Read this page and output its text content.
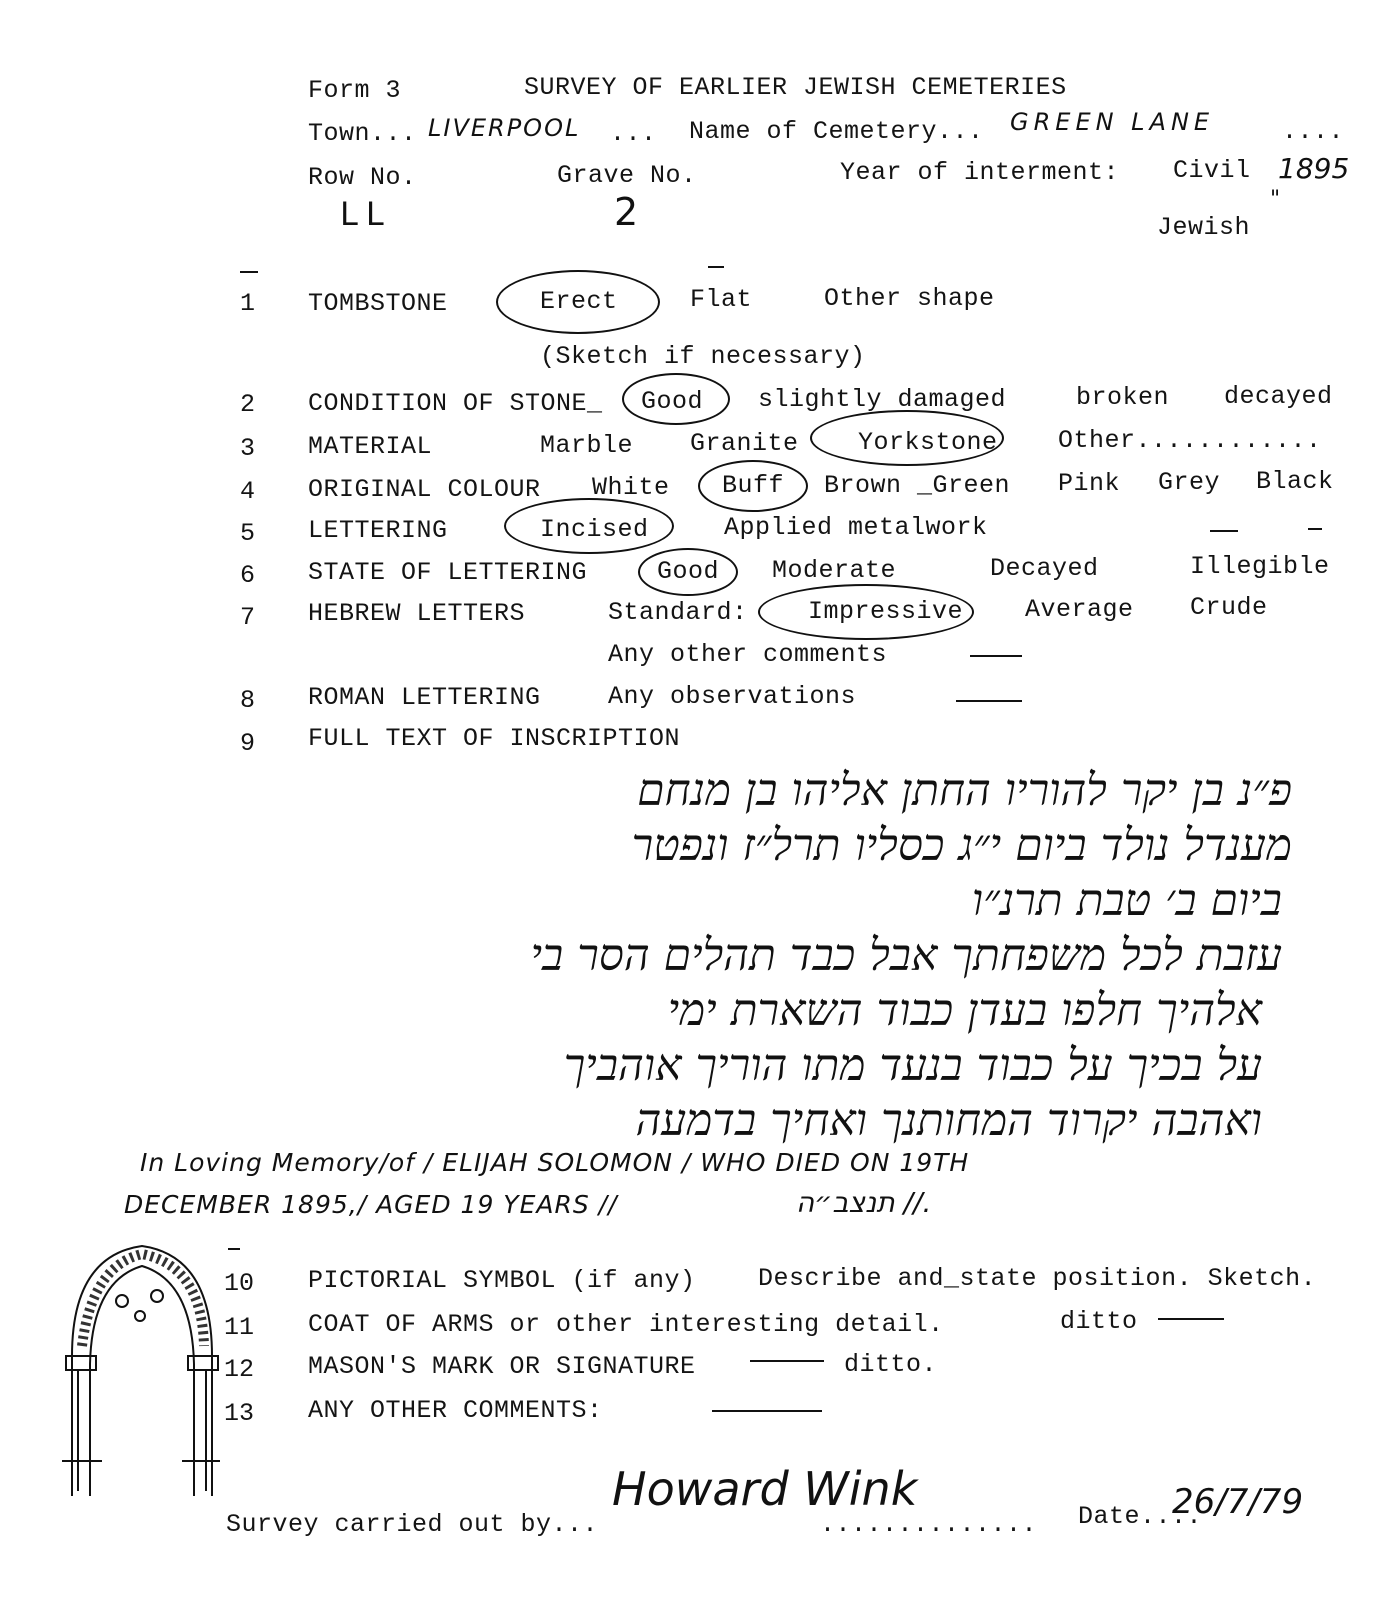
Form 3	SURVEY OF EARLIER JEWISH CEMETERIES
Town... LIVERPOOL ... Name of Cemetery... GREEN LANE	....
Row No.
LL
Grave No.
2
Year of interment: Civil 1895
Jewish
"
1 TOMBSTONE	Erect	Flat	Other shape
(Sketch if necessary)
2 CONDITION OF STONE_ Good slightly damaged	broken decayed
3 MATERIAL	Marble Granite Yorkstone Other............
4 ORIGINAL COLOUR White Buff Brown _Green Pink Grey Black
5 LETTERING	Incised	Applied metalwork
6 STATE OF LETTERING	Good Moderate	Decayed	Illegible
7 HEBREW LETTERS	Standard: Impressive Average Crude
Any other comments
8 ROMAN LETTERING	Any observations
9 FULL TEXT OF INSCRIPTION
פ״נ בן יקר להוריו החתן אליהו בן מנחם
מענדל נולד ביום י״ג כסליו תרל״ז ונפטר
ביום ב׳ טבת תרנ״ו
עזבת לכל משפחתך אבל כבד תהלים הסר בי
אלהיך חלפו בעדן כבוד השארת ימי
על בכיך על כבוד בנעד מתו הוריך אוהביך
ואהבה יקרוד המחותנך ואחיך בדמעה
In Loving Memory/of / ELIJAH SOLOMON / WHO DIED ON 19TH
DECEMBER 1895,/ AGED 19 YEARS //	תנצב״ה //.
10 PICTORIAL SYMBOL (if any) Describe and_state position. Sketch.
11 COAT OF ARMS or other interesting detail.	ditto
12 MASON'S MARK OR SIGNATURE	ditto.
13 ANY OTHER COMMENTS:
Survey carried out by...
Howard Wink
.............. Date....
26/7/79
